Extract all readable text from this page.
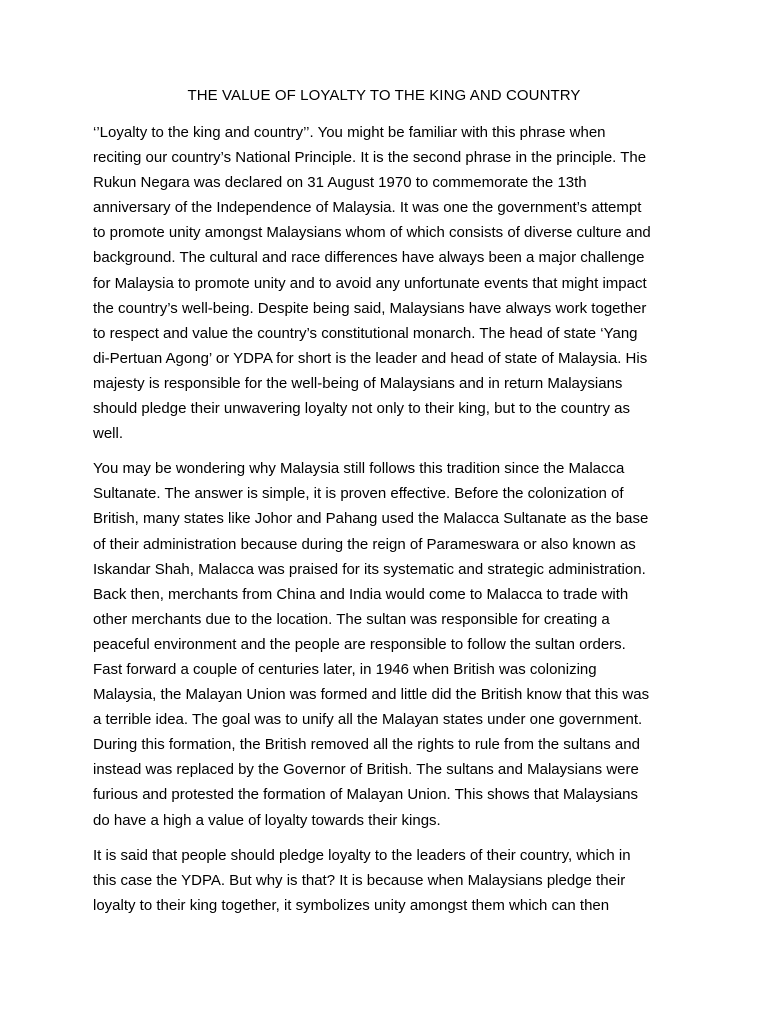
THE VALUE OF LOYALTY TO THE KING AND COUNTRY

‘’Loyalty to the king and country’’. You might be familiar with this phrase when
reciting our country’s National Principle. It is the second phrase in the principle. The
Rukun Negara was declared on 31 August 1970 to commemorate the 13th
anniversary of the Independence of Malaysia. It was one the government’s attempt
to promote unity amongst Malaysians whom of which consists of diverse culture and
background. The cultural and race differences have always been a major challenge
for Malaysia to promote unity and to avoid any unfortunate events that might impact
the country’s well-being. Despite being said, Malaysians have always work together
to respect and value the country’s constitutional monarch. The head of state ‘Yang
di-Pertuan Agong’ or YDPA for short is the leader and head of state of Malaysia. His
majesty is responsible for the well-being of Malaysians and in return Malaysians
should pledge their unwavering loyalty not only to their king, but to the country as
well.

You may be wondering why Malaysia still follows this tradition since the Malacca
Sultanate. The answer is simple, it is proven effective. Before the colonization of
British, many states like Johor and Pahang used the Malacca Sultanate as the base
of their administration because during the reign of Parameswara or also known as
Iskandar Shah, Malacca was praised for its systematic and strategic administration.
Back then, merchants from China and India would come to Malacca to trade with
other merchants due to the location. The sultan was responsible for creating a
peaceful environment and the people are responsible to follow the sultan orders.
Fast forward a couple of centuries later, in 1946 when British was colonizing
Malaysia, the Malayan Union was formed and little did the British know that this was
a terrible idea. The goal was to unify all the Malayan states under one government.
During this formation, the British removed all the rights to rule from the sultans and
instead was replaced by the Governor of British. The sultans and Malaysians were
furious and protested the formation of Malayan Union. This shows that Malaysians
do have a high a value of loyalty towards their kings.

It is said that people should pledge loyalty to the leaders of their country, which in
this case the YDPA. But why is that? It is because when Malaysians pledge their
loyalty to their king together, it symbolizes unity amongst them which can then
